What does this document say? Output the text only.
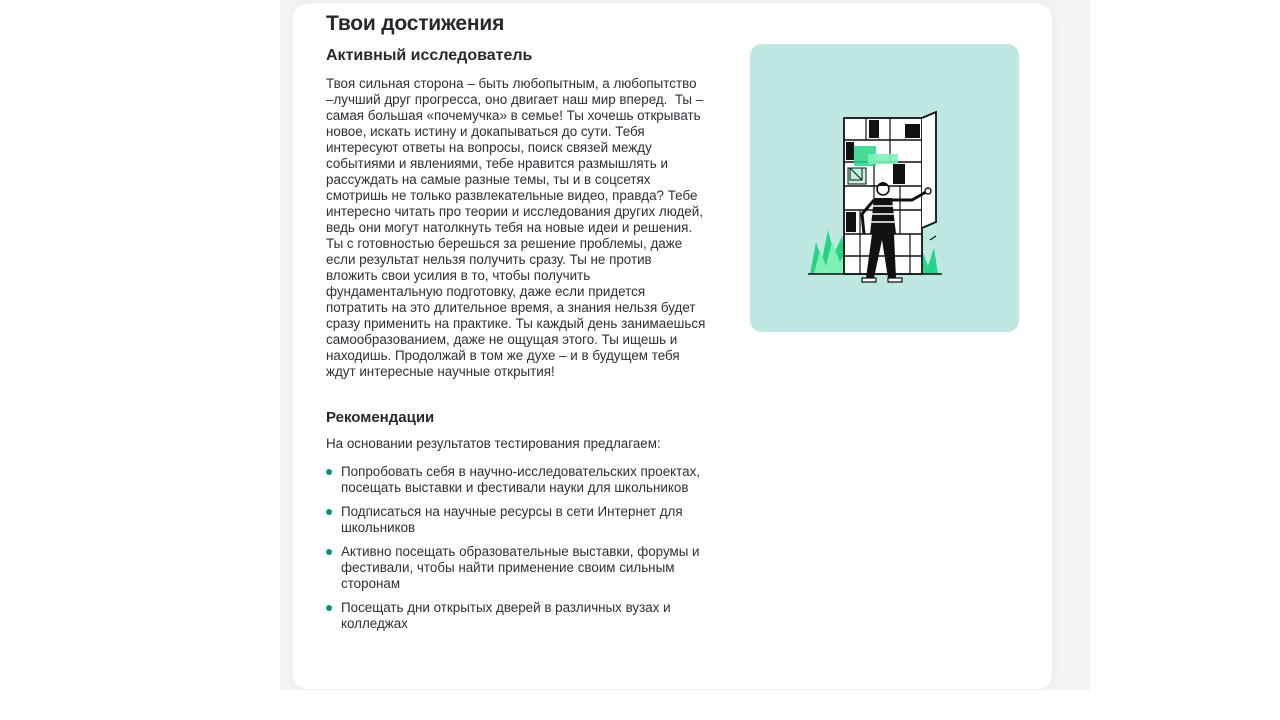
Твои достижения
Активный исследователь

Твоя сильная сторона – быть любопытным, а любопытство –лучший друг прогресса, оно двигает наш мир вперед.  Ты – самая большая «почемучка» в семье! Ты хочешь открывать новое, искать истину и докапываться до сути. Тебя интересуют ответы на вопросы, поиск связей между событиями и явлениями, тебе нравится размышлять и рассуждать на самые разные темы, ты и в соцсетях смотришь не только развлекательные видео, правда? Тебе интересно читать про теории и исследования других людей, ведь они могут натолкнуть тебя на новые идеи и решения. Ты с готовностью берешься за решение проблемы, даже если результат нельзя получить сразу. Ты не против вложить свои усилия в то, чтобы получить фундаментальную подготовку, даже если придется потратить на это длительное время, а знания нельзя будет сразу применить на практике. Ты каждый день занимаешься самообразованием, даже не ощущая этого. Ты ищешь и находишь. Продолжай в том же духе – и в будущем тебя ждут интересные научные открытия!

Рекомендации

На основании результатов тестирования предлагаем:

Попробовать себя в научно-исследовательских проектах, посещать выставки и фестивали науки для школьников
Подписаться на научные ресурсы в сети Интернет для школьников
Активно посещать образовательные выставки, форумы и фестивали, чтобы найти применение своим сильным сторонам
Посещать дни открытых дверей в различных вузах и колледжах
